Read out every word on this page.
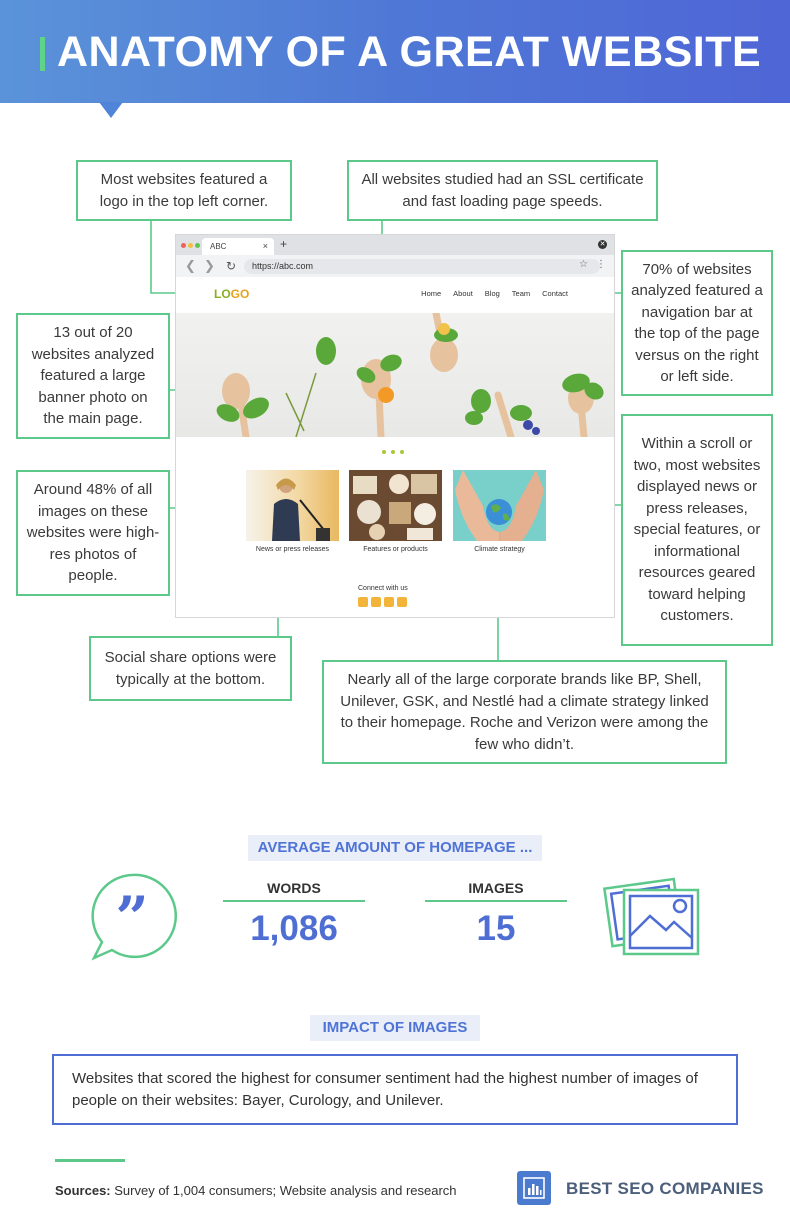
ANATOMY OF A GREAT WEBSITE
ABC	× +	✕
❮ ❯ ↻	https://abc.com	☆ ⋮
LOGO	Home About Blog Team Contact
News or press releases	Features or products	Climate strategy
Connect with us
Most websites featured a logo in the top left corner.
All websites studied had an SSL certificate and fast loading page speeds.
70% of websites analyzed featured a navigation bar at the top of the page versus on the right or left side.
13 out of 20 websites analyzed featured a large banner photo on the main page.
Within a scroll or two, most websites displayed news or press releases, special features, or informational resources geared toward helping customers.
Around 48% of all images on these websites were high-res photos of people.
Social share options were typically at the bottom.	Nearly all of the large corporate brands like BP, Shell, Unilever, GSK, and Nestlé had a climate strategy linked to their homepage. Roche and Verizon were among the few who didn’t.
AVERAGE AMOUNT OF HOMEPAGE ...
”	WORDS
1,086
IMAGES
15
IMPACT OF IMAGES
Websites that scored the highest for consumer sentiment had the highest number of images of people on their websites: Bayer, Curology, and Unilever.
Sources: Survey of 1,004 consumers; Website analysis and research	BEST SEO COMPANIES
